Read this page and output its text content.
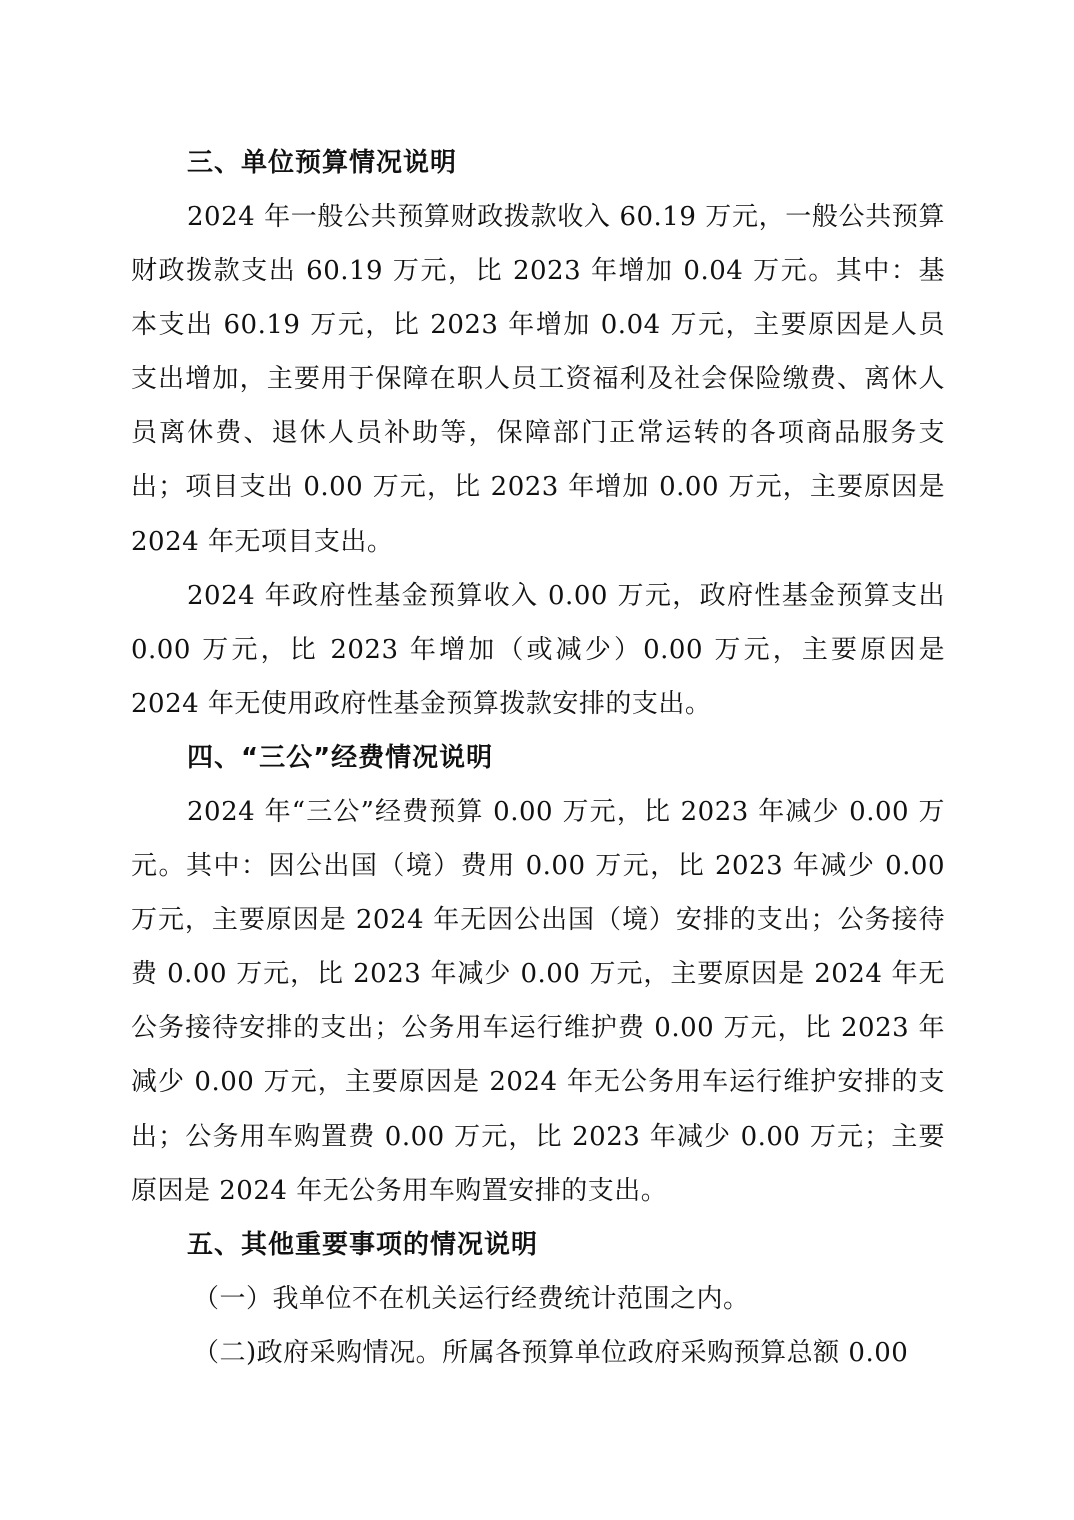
三、单位预算情况说明

2024 年一般公共预算财政拨款收入 60.19 万元，一般公共预算财政拨款支出 60.19 万元，比 2023 年增加 0.04 万元。其中：基本支出 60.19 万元，比 2023 年增加 0.04 万元，主要原因是人员支出增加，主要用于保障在职人员工资福利及社会保险缴费、离休人员离休费、退休人员补助等，保障部门正常运转的各项商品服务支出；项目支出 0.00 万元，比 2023 年增加 0.00 万元，主要原因是 2024 年无项目支出。

2024 年政府性基金预算收入 0.00 万元，政府性基金预算支出 0.00 万元，比 2023 年增加（或减少）0.00 万元，主要原因是 2024 年无使用政府性基金预算拨款安排的支出。

四、“三公”经费情况说明

2024 年“三公”经费预算 0.00 万元，比 2023 年减少 0.00 万元。其中：因公出国（境）费用 0.00 万元，比 2023 年减少 0.00 万元，主要原因是 2024 年无因公出国（境）安排的支出；公务接待费 0.00 万元，比 2023 年减少 0.00 万元，主要原因是 2024 年无公务接待安排的支出；公务用车运行维护费 0.00 万元，比 2023 年减少 0.00 万元，主要原因是 2024 年无公务用车运行维护安排的支出；公务用车购置费 0.00 万元，比 2023 年减少 0.00 万元；主要原因是 2024 年无公务用车购置安排的支出。

五、其他重要事项的情况说明

（一）我单位不在机关运行经费统计范围之内。

（二)政府采购情况。所属各预算单位政府采购预算总额 0.00
